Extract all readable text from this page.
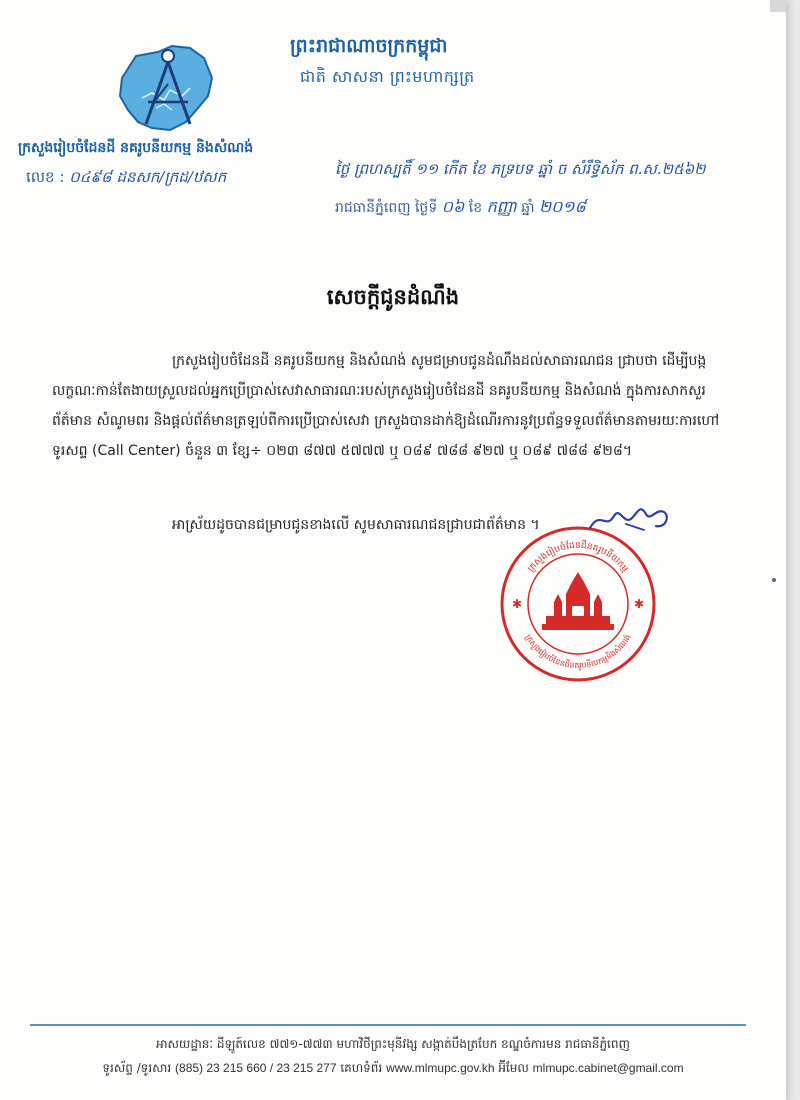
ព្រះរាជាណាចក្រកម្ពុជា
ជាតិ សាសនា ព្រះមហាក្សត្រ
ក្រសួងរៀបចំដែនដី នគរូបនីយកម្ម និងសំណង់
លេខ : ០៤៩៨ ដនសក/ក្រដ/ឋសក	ថ្ងៃ ព្រហស្បតិ៍ ១១ កើត ខែ ភទ្របទ ឆ្នាំ ច សំរឹទ្ធិស័ក ព.ស.២៥៦២
រាជធានីភ្នំពេញ ថ្ងៃទី ០៦ ខែ កញ្ញា ឆ្នាំ ២០១៨
សេចក្តីជូនដំណឹង
ក្រសួងរៀបចំដែនដី នគរូបនីយកម្ម និងសំណង់ សូមជម្រាបជូនដំណឹងដល់សាធារណជន ជ្រាបថា ដើម្បីបង្កលក្ខណៈកាន់តែងាយស្រួលដល់អ្នកប្រើប្រាស់សេវាសាធារណៈរបស់ក្រសួងរៀបចំដែនដី នគរូបនីយកម្ម និងសំណង់ ក្នុងការសាកសួរព័ត៌មាន សំណូមពរ និងផ្តល់ព័ត៌មានត្រឡប់ពីការប្រើប្រាស់សេវា ក្រសួងបានដាក់ឱ្យដំណើរការនូវប្រព័ន្ធទទួលព័ត៌មានតាមរយៈការហៅទូរសព្ទ (Call Center) ចំនួន ៣ ខ្សែ÷ ០២៣ ៨៧៧ ៥៧៧៧ ឬ ០៨៩ ៧៨៨ ៩២៧ ឬ ០៨៩ ៧៨៨ ៩២៨។
អាស្រ័យដូចបានជម្រាបជូនខាងលើ សូមសាធារណជនជ្រាបជាព័ត៌មាន ។
ក្រសួងរៀបចំដែនដីនគរូបនីយកម្ម
ក្រសួងរៀបចំដែនដីនគរូបនីយកម្មនិងសំណង់
✱	✱
អាសយដ្ឋានៈ ដីឡូត៍លេខ ៧៧១-៧៧៣ មហាវិថីព្រះមុនីវង្ស សង្កាត់បឹងត្របែក ខណ្ឌចំការមន រាជធានីភ្នំពេញ
ទូរស័ព្ទ /ទូរសារ (885) 23 215 660 / 23 215 277 គេហទំព័រ www.mlmupc.gov.kh អ៊ីមែល mlmupc.cabinet@gmail.com
